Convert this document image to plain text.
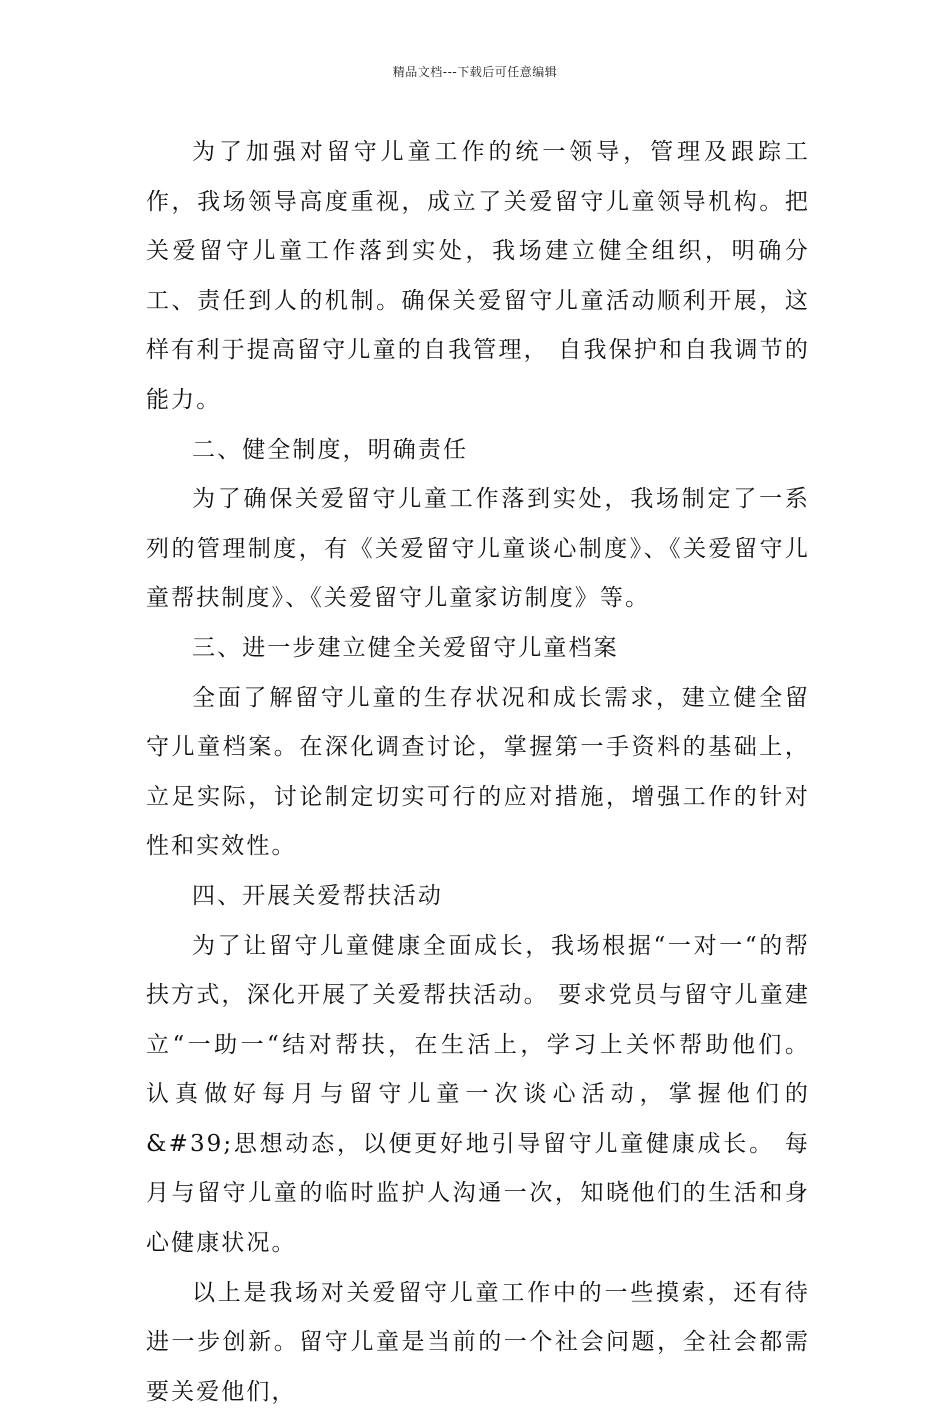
精品文档---下载后可任意编辑

为了加强对留守儿童工作的统一领导，管理及跟踪工作，我场领导高度重视，成立了关爱留守儿童领导机构。把关爱留守儿童工作落到实处，我场建立健全组织，明确分工、责任到人的机制。确保关爱留守儿童活动顺利开展，这样有利于提高留守儿童的自我管理， 自我保护和自我调节的能力。

二、健全制度，明确责任

为了确保关爱留守儿童工作落到实处，我场制定了一系列的管理制度，有《关爱留守儿童谈心制度》、《关爱留守儿童帮扶制度》、《关爱留守儿童家访制度》等。

三、进一步建立健全关爱留守儿童档案

全面了解留守儿童的生存状况和成长需求，建立健全留守儿童档案。在深化调查讨论，掌握第一手资料的基础上，立足实际，讨论制定切实可行的应对措施，增强工作的针对性和实效性。

四、开展关爱帮扶活动

为了让留守儿童健康全面成长，我场根据“一对一“的帮扶方式，深化开展了关爱帮扶活动。 要求党员与留守儿童建立“一助一“结对帮扶，在生活上，学习上关怀帮助他们。 认真做好每月与留守儿童一次谈心活动，掌握他们的&#39;思想动态，以便更好地引导留守儿童健康成长。 每月与留守儿童的临时监护人沟通一次，知晓他们的生活和身心健康状况。

以上是我场对关爱留守儿童工作中的一些摸索，还有待进一步创新。留守儿童是当前的一个社会问题，全社会都需要关爱他们，
